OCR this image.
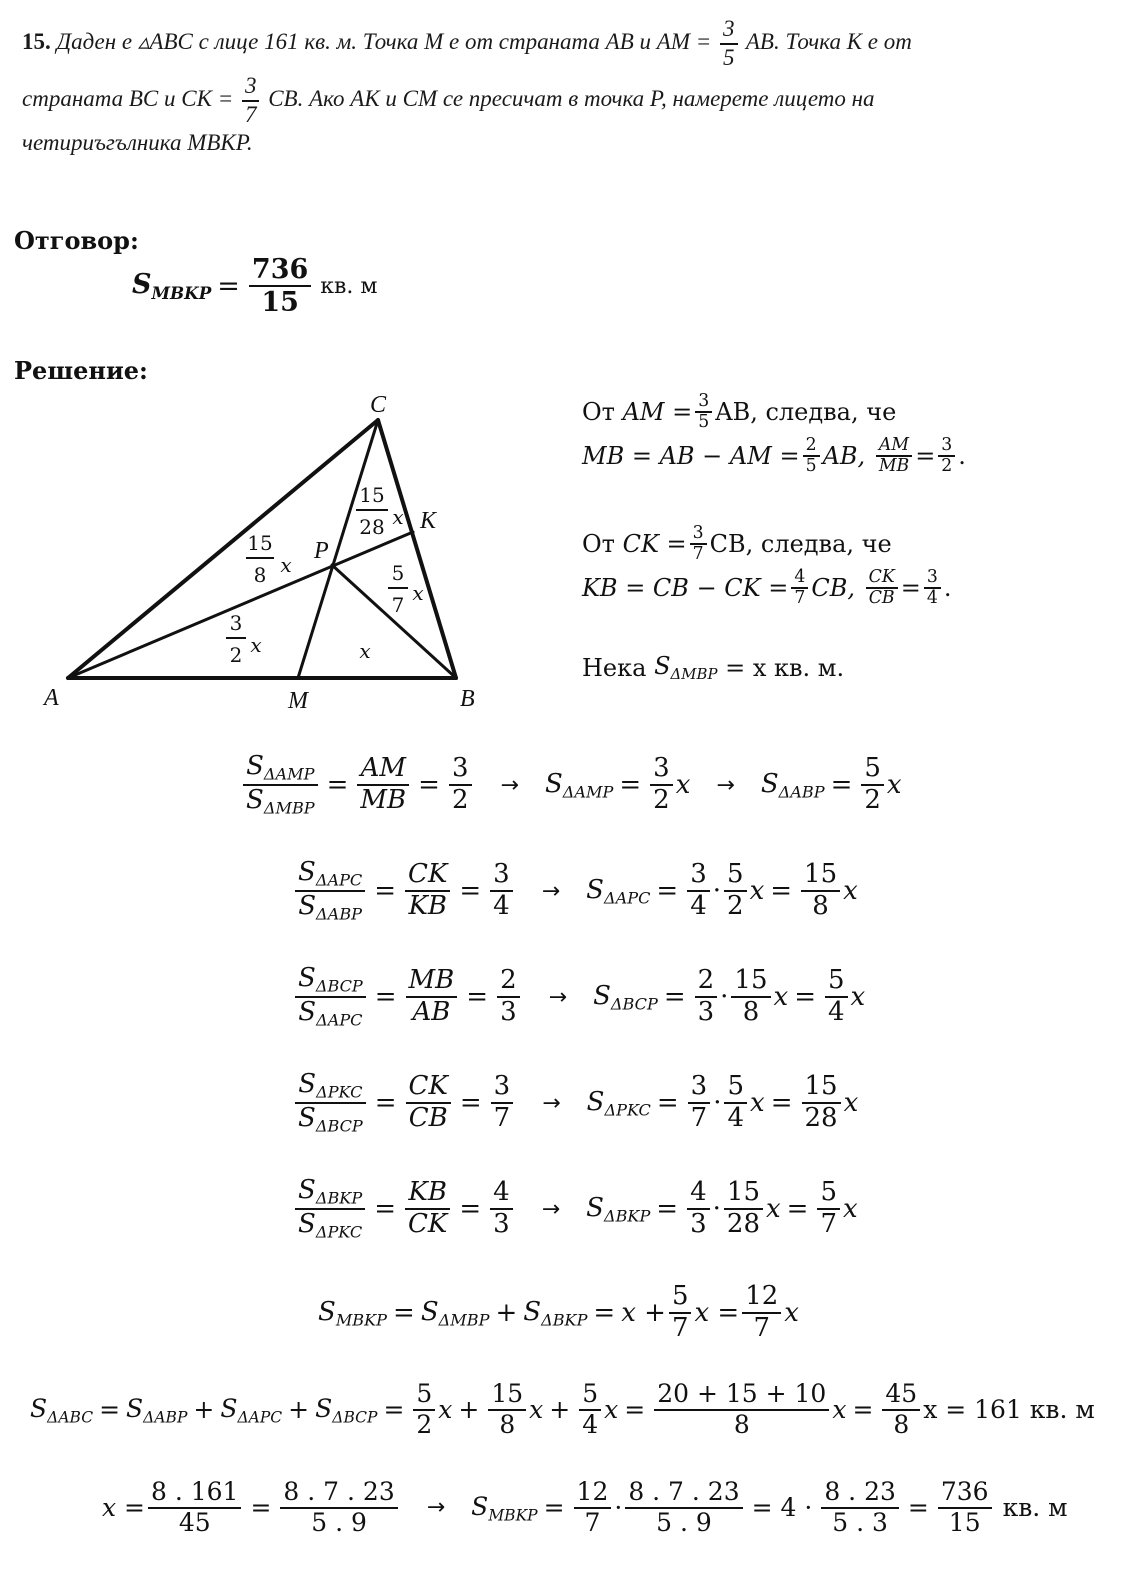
15. Даден е ▵ABC с лице 161 кв. м. Точка M е от страната AB и AM = $\frac{3}{5}$ AB. Точка K е от
страната BC и CK = $\frac{3}{7}$ CB. Ако AK и CM се пресичат в точка P, намерете лицето на
четириъгълника MBKP.
Отговор:
$S_{MBKP} = \frac{736}{15}$ кв. м
Решение:
C
A	B
M
K
P
15
8 x
15
28 x
5
7 x
3
2 x	x
От
AM = $\frac{3}{5}$ AB, следва, че
MB = AB − AM = $\frac{2}{5}$ AB,
$\frac{AM}{MB} = \frac{3}{2}$ .
От
CK = $\frac{3}{7}$ CB, следва, че
KB = CB − CK = $\frac{4}{7}$ CB,
$\frac{CK}{CB} = \frac{3}{4}$ .
Нека
$S_{\Delta MBP}$
= x кв. м.
$\frac{S_{\Delta AMP}}{S_{\Delta MBP}} = \frac{AM}{MB} = \frac{3}{2} \to S_{\Delta AMP} = \frac{3}{2}$ $x \to S_{\Delta ABP} = \frac{5}{2}$ x
$\frac{S_{\Delta APC}}{S_{\Delta ABP}} = \frac{CK}{KB} = \frac{3}{4} \to S_{\Delta APC} = \frac{3}{4} \cdot \frac{5}{2}$ $x = \frac{15}{8}$ x
$\frac{S_{\Delta BCP}}{S_{\Delta APC}} = \frac{MB}{AB} = \frac{2}{3} \to S_{\Delta BCP} = \frac{2}{3} \cdot \frac{15}{8}$ $x = \frac{5}{4}$ x
$\frac{S_{\Delta PKC}}{S_{\Delta BCP}} = \frac{CK}{CB} = \frac{3}{7} \to S_{\Delta PKC} = \frac{3}{7} \cdot \frac{5}{4}$ $x = \frac{15}{28}$ x
$\frac{S_{\Delta BKP}}{S_{\Delta PKC}} = \frac{KB}{CK} = \frac{4}{3} \to S_{\Delta BKP} = \frac{4}{3} \cdot \frac{15}{28}$ $x = \frac{5}{7}$ x
$S_{MBKP} = S_{\Delta MBP} + S_{\Delta BKP} = x + \frac{5}{7}$ $x = \frac{12}{7}$ x
$S_{\Delta ABC} = S_{\Delta ABP} + S_{\Delta APC} + S_{\Delta BCP} = \frac{5}{2}$ $x + \frac{15}{8}$ $x + \frac{5}{4}$ $x = \frac{20 + 15 + 10}{8}$ $x = \frac{45}{8}$ x = 161 кв. м
$x = \frac{8 . 161}{45} = \frac{8 . 7 . 23}{5 . 9} \to S_{MBKP} = \frac{12}{7} \cdot \frac{8 . 7 . 23}{5 . 9} = 4 \cdot \frac{8 . 23}{5 . 3} = \frac{736}{15}$ кв. м
